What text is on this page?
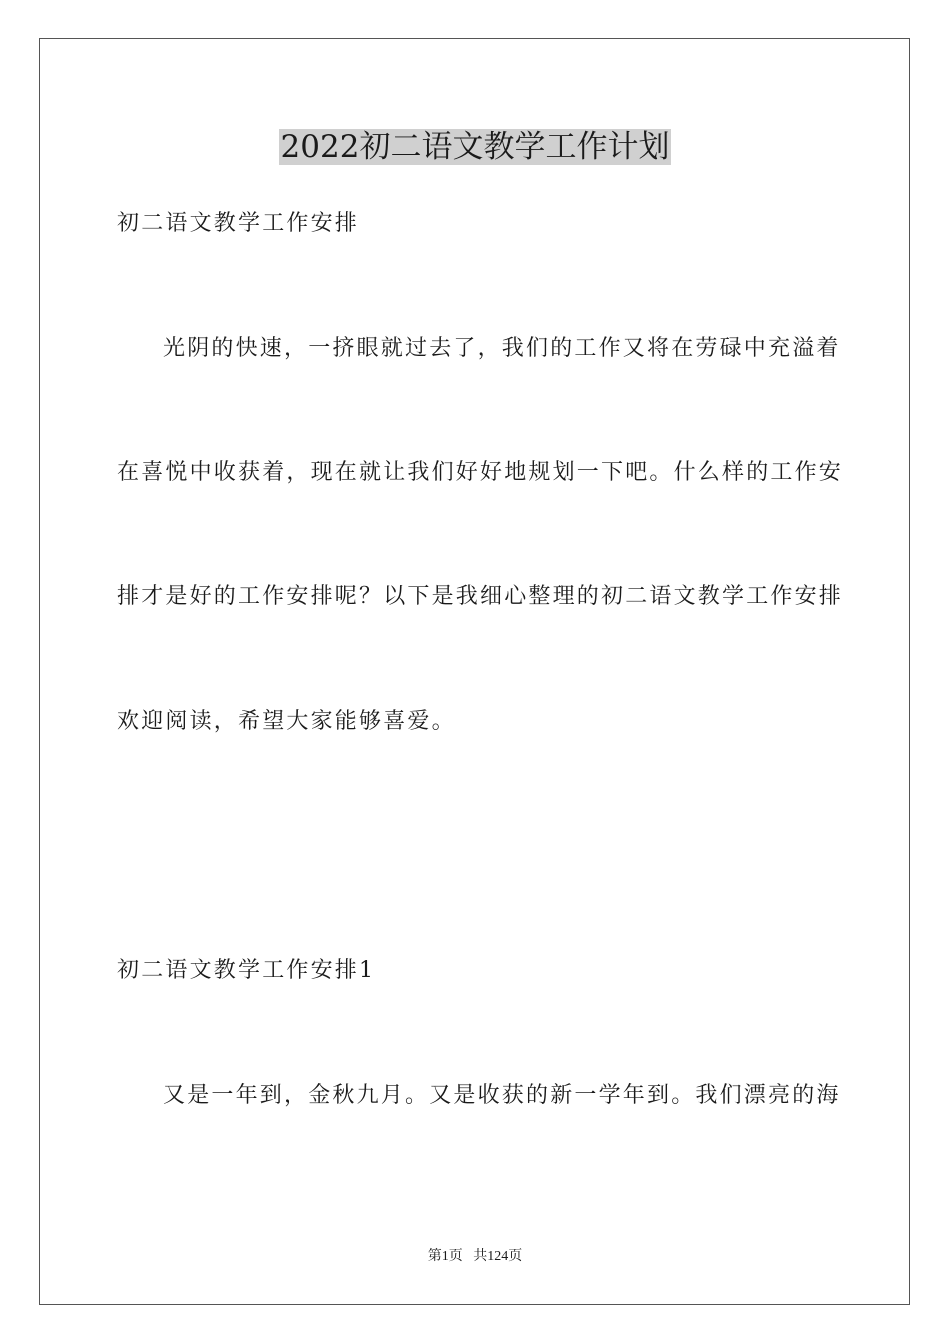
2022初二语文教学工作计划
初二语文教学工作安排
光阴的快速，一挤眼就过去了，我们的工作又将在劳碌中充溢着
在喜悦中收获着，现在就让我们好好地规划一下吧。什么样的工作安
排才是好的工作安排呢？以下是我细心整理的初二语文教学工作安排
欢迎阅读，希望大家能够喜爱。
初二语文教学工作安排1
又是一年到，金秋九月。又是收获的新一学年到。我们漂亮的海
第1页   共124页
